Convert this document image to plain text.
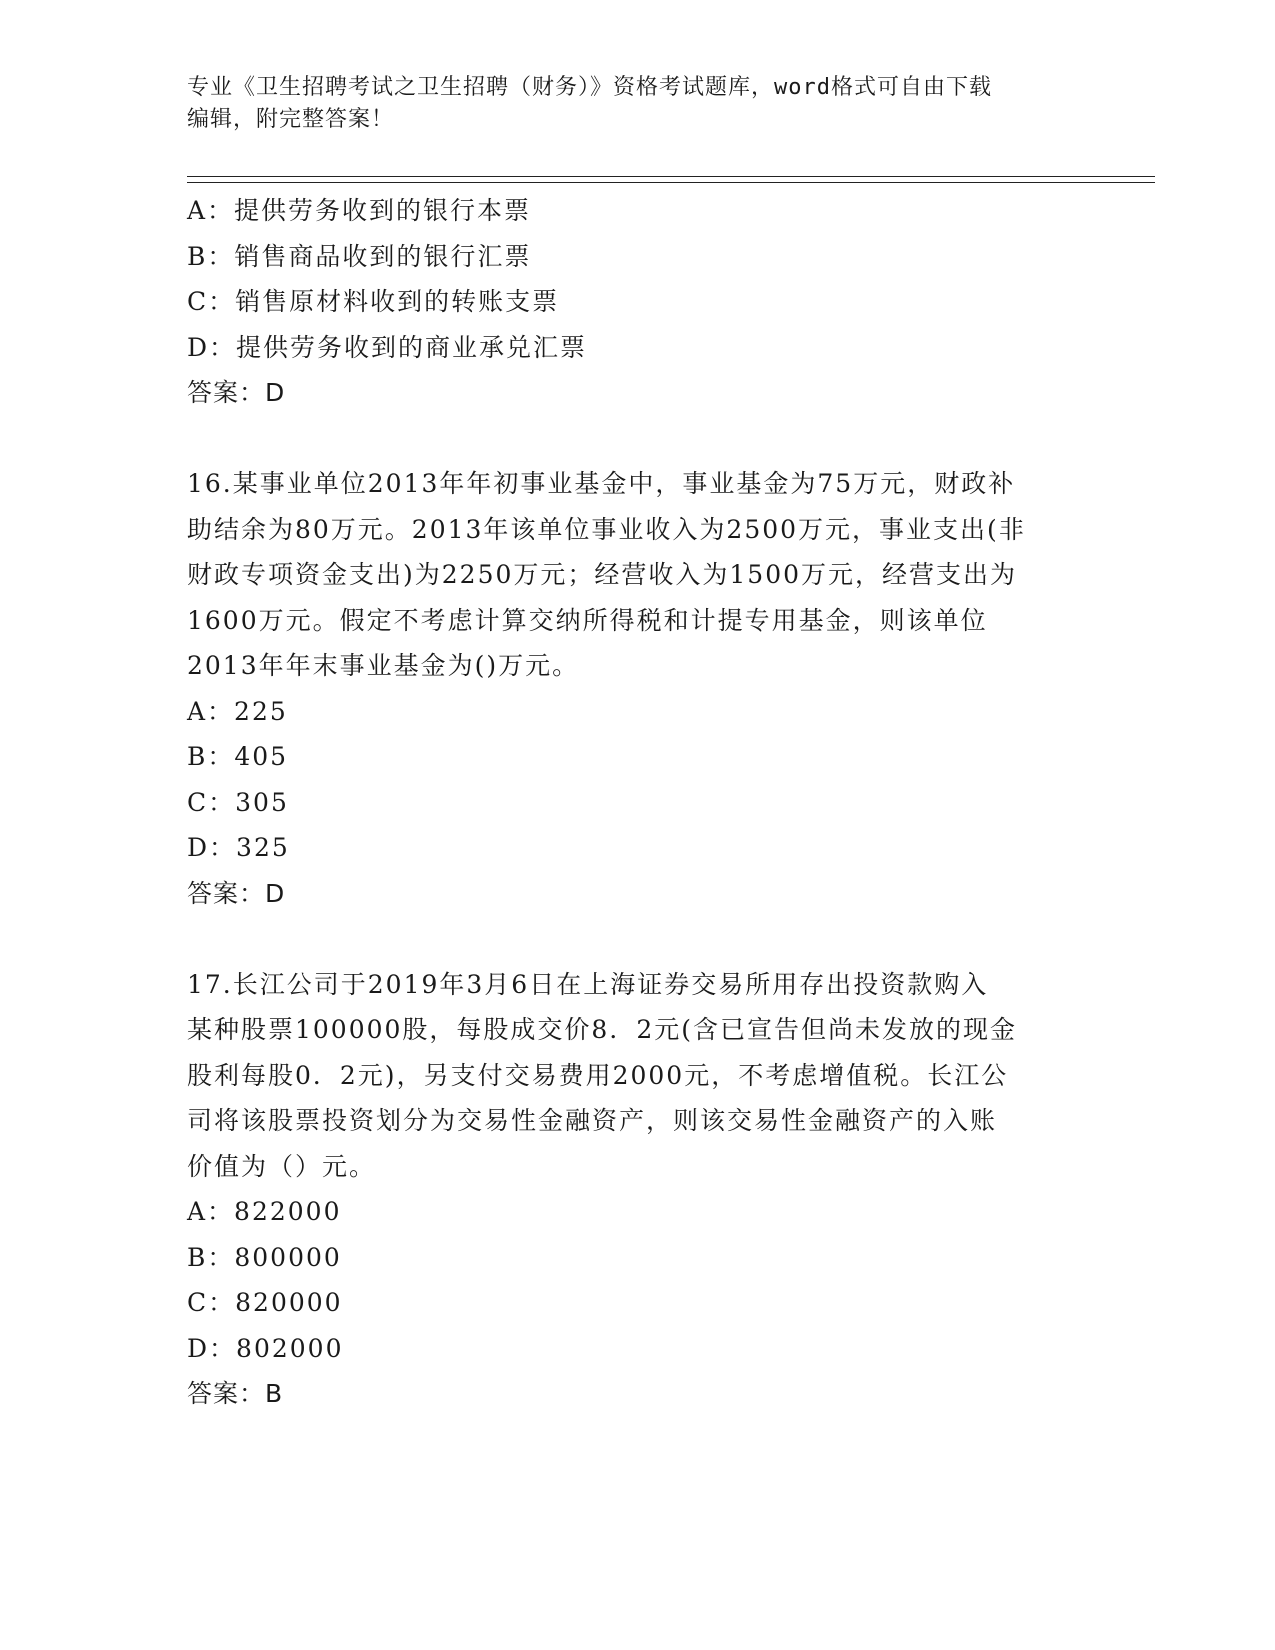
专业《卫生招聘考试之卫生招聘（财务）》资格考试题库，word格式可自由下载
编辑，附完整答案！
A：提供劳务收到的银行本票
B：销售商品收到的银行汇票
C：销售原材料收到的转账支票
D：提供劳务收到的商业承兑汇票
答案：D

16.某事业单位2013年年初事业基金中，事业基金为75万元，财政补

助结余为80万元。2013年该单位事业收入为2500万元，事业支出(非

财政专项资金支出)为2250万元；经营收入为1500万元，经营支出为

1600万元。假定不考虑计算交纳所得税和计提专用基金，则该单位

2013年年末事业基金为()万元。

A：225
B：405
C：305
D：325
答案：D

17.长江公司于2019年3月6日在上海证券交易所用存出投资款购入

某种股票100000股，每股成交价8．2元(含已宣告但尚未发放的现金

股利每股0．2元)，另支付交易费用2000元，不考虑增值税。长江公

司将该股票投资划分为交易性金融资产，则该交易性金融资产的入账

价值为（）元。

A：822000
B：800000
C：820000
D：802000
答案：B
